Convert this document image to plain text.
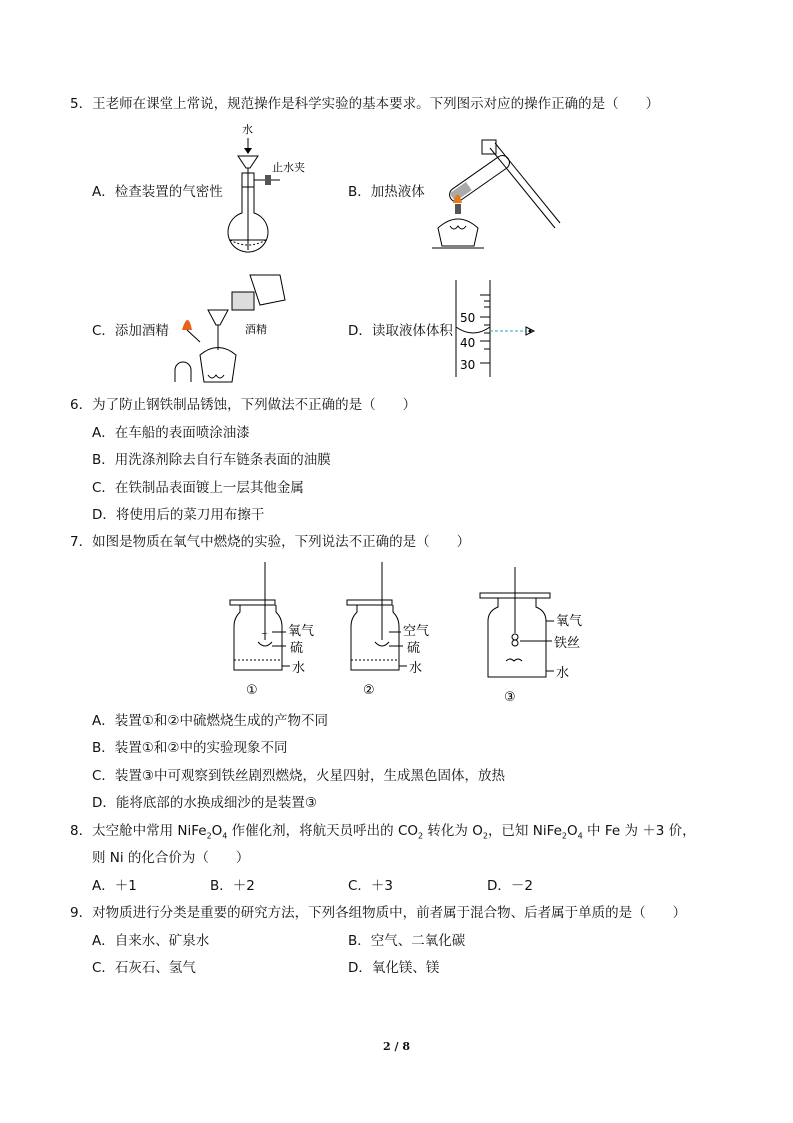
5．王老师在课堂上常说，规范操作是科学实验的基本要求。下列图示对应的操作正确的是（　　）
A．检查装置的气密性	B．加热液体
C．添加酒精	D．读取液体体积
水
止水夹
酒精
50
40
30
6．为了防止钢铁制品锈蚀，下列做法不正确的是（　　）
A．在车船的表面喷涂油漆
B．用洗涤剂除去自行车链条表面的油膜
C．在铁制品表面镀上一层其他金属
D．将使用后的菜刀用布擦干
7．如图是物质在氧气中燃烧的实验，下列说法不正确的是（　　）
~ 氧气
硫
水
①
空气
硫
水
②
氧气
铁丝
水
③
A．装置①和②中硫燃烧生成的产物不同
B．装置①和②中的实验现象不同
C．装置③中可观察到铁丝剧烈燃烧，火星四射，生成黑色固体，放热
D．能将底部的水换成细沙的是装置③
8．太空舱中常用 $NiFe_2O_4$ 作催化剂，将航天员呼出的 $CO_2$ 转化为 $O_2$，已知 $NiFe_2O_4$ 中 Fe 为 ＋3 价，
则 Ni 的化合价为（　　）
A．＋1	B．＋2	C．＋3	D．－2
9．对物质进行分类是重要的研究方法，下列各组物质中，前者属于混合物、后者属于单质的是（　　）
A．自来水、矿泉水	B．空气、二氧化碳
C．石灰石、氢气	D．氧化镁、镁
2 / 8
